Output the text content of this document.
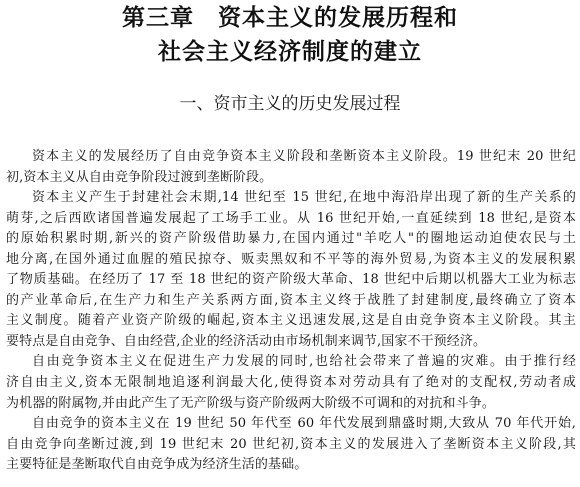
第三章　资本主义的发展历程和
社会主义经济制度的建立
一、资市主义的历史发展过程
资本主义的发展经历了自由竞争资本主义阶段和垄断资本主义阶段。19 世纪末 20 世纪
初,资本主义从自由竞争阶段过渡到垄断阶段。
资本主义产生于封建社会末期,14 世纪至 15 世纪,在地中海沿岸出现了新的生产关系的
萌芽,之后西欧诸国普遍发展起了工场手工业。从 16 世纪开始,一直延续到 18 世纪,是资本
的原始积累时期,新兴的资产阶级借助暴力,在国内通过"羊吃人"的圈地运动迫使农民与土
地分离,在国外通过血腥的殖民掠夺、贩卖黑奴和不平等的海外贸易,为资本主义的发展积累
了物质基础。在经历了 17 至 18 世纪的资产阶级大革命、18 世纪中后期以机器大工业为标志
的产业革命后,在生产力和生产关系两方面,资本主义终于战胜了封建制度,最终确立了资本
主义制度。随着产业资产阶级的崛起,资本主义迅速发展,这是自由竞争资本主义阶段。其主
要特点是自由竞争、自由经营,企业的经济活动由市场机制来调节,国家不干预经济。
自由竞争资本主义在促进生产力发展的同时,也给社会带来了普遍的灾难。由于推行经
济自由主义,资本无限制地追逐利润最大化,使得资本对劳动具有了绝对的支配权,劳动者成
为机器的附属物,并由此产生了无产阶级与资产阶级两大阶级不可调和的对抗和斗争。
自由竞争的资本主义在 19 世纪 50 年代至 60 年代发展到鼎盛时期,大致从 70 年代开始,
自由竞争向垄断过渡,到 19 世纪末 20 世纪初,资本主义的发展进入了垄断资本主义阶段,其
主要特征是垄断取代自由竞争成为经济生活的基础。
